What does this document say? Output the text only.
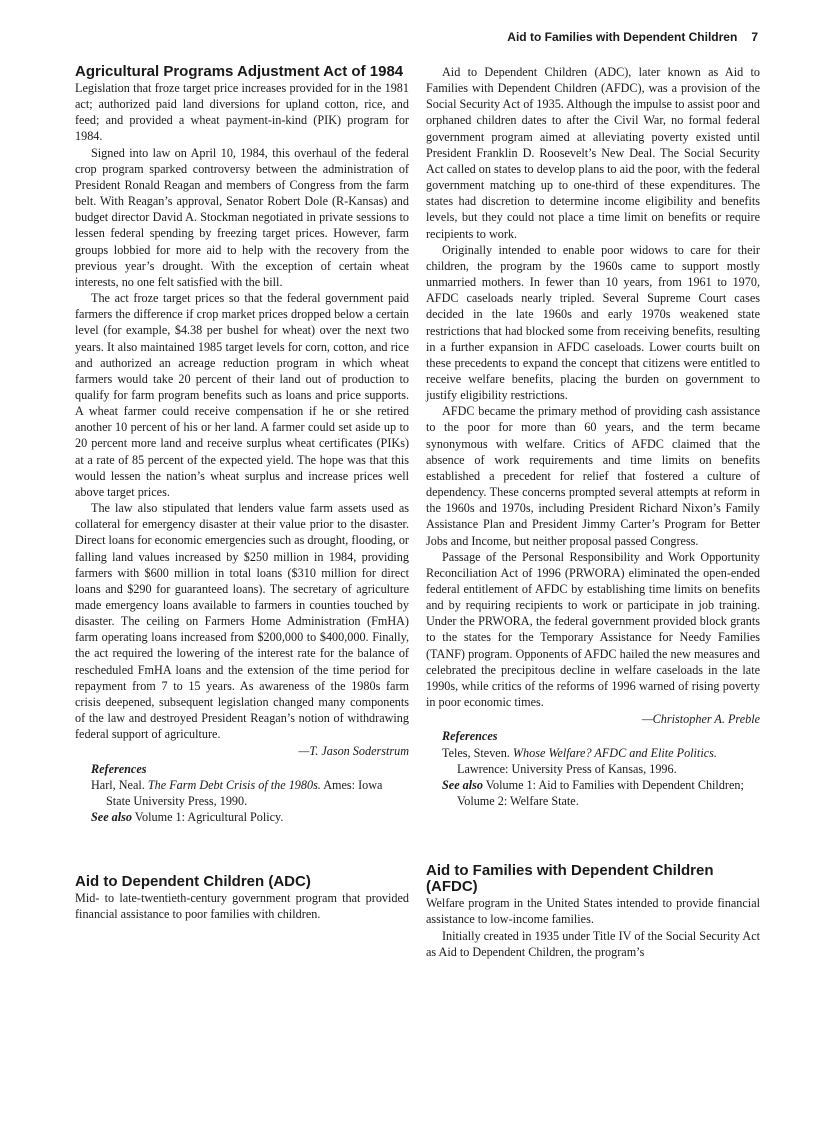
Aid to Families with Dependent Children 7
Agricultural Programs Adjustment Act of 1984

Legislation that froze target price increases provided for in the 1981 act; authorized paid land diversions for upland cotton, rice, and feed; and provided a wheat payment-in-kind (PIK) program for 1984.

Signed into law on April 10, 1984, this overhaul of the federal crop program sparked controversy between the administration of President Ronald Reagan and members of Congress from the farm belt. With Reagan’s approval, Senator Robert Dole (R-Kansas) and budget director David A. Stockman negotiated in private sessions to lessen federal spending by freezing target prices. However, farm groups lobbied for more aid to help with the recovery from the previous year’s drought. With the exception of certain wheat interests, no one felt satisfied with the bill.

The act froze target prices so that the federal government paid farmers the difference if crop market prices dropped below a certain level (for example, $4.38 per bushel for wheat) over the next two years. It also maintained 1985 target levels for corn, cotton, and rice and authorized an acreage reduction program in which wheat farmers would take 20 percent of their land out of production to qualify for farm program benefits such as loans and price supports. A wheat farmer could receive compensation if he or she retired another 10 percent of his or her land. A farmer could set aside up to 20 percent more land and receive surplus wheat certificates (PIKs) at a rate of 85 percent of the expected yield. The hope was that this would lessen the nation’s wheat surplus and increase prices well above target prices.

The law also stipulated that lenders value farm assets used as collateral for emergency disaster at their value prior to the disaster. Direct loans for economic emergencies such as drought, flooding, or falling land values increased by $250 million in 1984, providing farmers with $600 million in total loans ($310 million for direct loans and $290 for guaranteed loans). The secretary of agriculture made emergency loans available to farmers in counties touched by disaster. The ceiling on Farmers Home Administration (FmHA) farm operating loans increased from $200,000 to $400,000. Finally, the act required the lowering of the interest rate for the balance of rescheduled FmHA loans and the extension of the time period for repayment from 7 to 15 years. As awareness of the 1980s farm crisis deepened, subsequent legislation changed many components of the law and destroyed President Reagan’s notion of withdrawing federal support of agriculture.

—T. Jason Soderstrum

References
Harl, Neal. The Farm Debt Crisis of the 1980s. Ames: Iowa State University Press, 1990.
See also Volume 1: Agricultural Policy.
Aid to Dependent Children (ADC)

Mid- to late-twentieth-century government program that provided financial assistance to poor families with children.

Aid to Dependent Children (ADC), later known as Aid to Families with Dependent Children (AFDC), was a provision of the Social Security Act of 1935. Although the impulse to assist poor and orphaned children dates to after the Civil War, no formal federal government program aimed at alleviating poverty existed until President Franklin D. Roosevelt’s New Deal. The Social Security Act called on states to develop plans to aid the poor, with the federal government matching up to one-third of these expenditures. The states had discretion to determine income eligibility and benefits levels, but they could not place a time limit on benefits or require recipients to work.

Originally intended to enable poor widows to care for their children, the program by the 1960s came to support mostly unmarried mothers. In fewer than 10 years, from 1961 to 1970, AFDC caseloads nearly tripled. Several Supreme Court cases decided in the late 1960s and early 1970s weakened state restrictions that had blocked some from receiving benefits, resulting in a further expansion in AFDC caseloads. Lower courts built on these precedents to expand the concept that citizens were entitled to receive welfare benefits, placing the burden on government to justify eligibility restrictions.

AFDC became the primary method of providing cash assistance to the poor for more than 60 years, and the term became synonymous with welfare. Critics of AFDC claimed that the absence of work requirements and time limits on benefits established a precedent for relief that fostered a culture of dependency. These concerns prompted several attempts at reform in the 1960s and 1970s, including President Richard Nixon’s Family Assistance Plan and President Jimmy Carter’s Program for Better Jobs and Income, but neither proposal passed Congress.

Passage of the Personal Responsibility and Work Opportunity Reconciliation Act of 1996 (PRWORA) eliminated the open-ended federal entitlement of AFDC by establishing time limits on benefits and by requiring recipients to work or participate in job training. Under the PRWORA, the federal government provided block grants to the states for the Temporary Assistance for Needy Families (TANF) program. Opponents of AFDC hailed the new measures and celebrated the precipitous decline in welfare caseloads in the late 1990s, while critics of the reforms of 1996 warned of rising poverty in poor economic times.

—Christopher A. Preble

References
Teles, Steven. Whose Welfare? AFDC and Elite Politics. Lawrence: University Press of Kansas, 1996.
See also Volume 1: Aid to Families with Dependent Children; Volume 2: Welfare State.
Aid to Families with Dependent Children (AFDC)

Welfare program in the United States intended to provide financial assistance to low-income families.

Initially created in 1935 under Title IV of the Social Security Act as Aid to Dependent Children, the program’s
